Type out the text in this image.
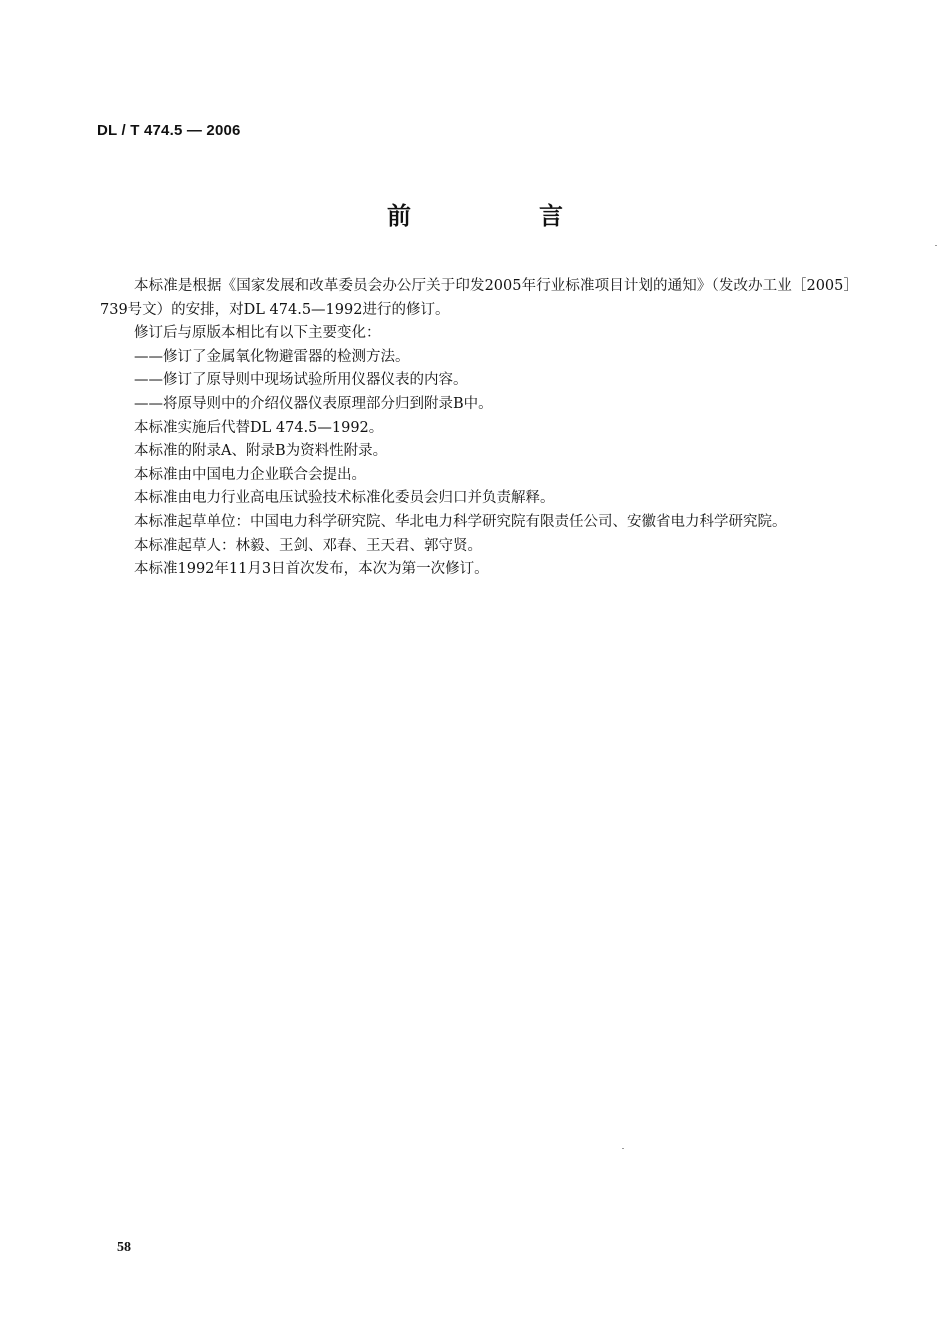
DL / T 474.5 — 2006
前　言

本标准是根据《国家发展和改革委员会办公厅关于印发2005年行业标准项目计划的通知》（发改办工业［2005］739号文）的安排，对DL 474.5—1992进行的修订。

修订后与原版本相比有以下主要变化：

——修订了金属氧化物避雷器的检测方法。

——修订了原导则中现场试验所用仪器仪表的内容。

——将原导则中的介绍仪器仪表原理部分归到附录B中。

本标准实施后代替DL 474.5—1992。

本标准的附录A、附录B为资料性附录。

本标准由中国电力企业联合会提出。

本标准由电力行业高电压试验技术标准化委员会归口并负责解释。

本标准起草单位：中国电力科学研究院、华北电力科学研究院有限责任公司、安徽省电力科学研究院。

本标准起草人：林毅、王剑、邓春、王天君、郭守贤。

本标准1992年11月3日首次发布，本次为第一次修订。

58
